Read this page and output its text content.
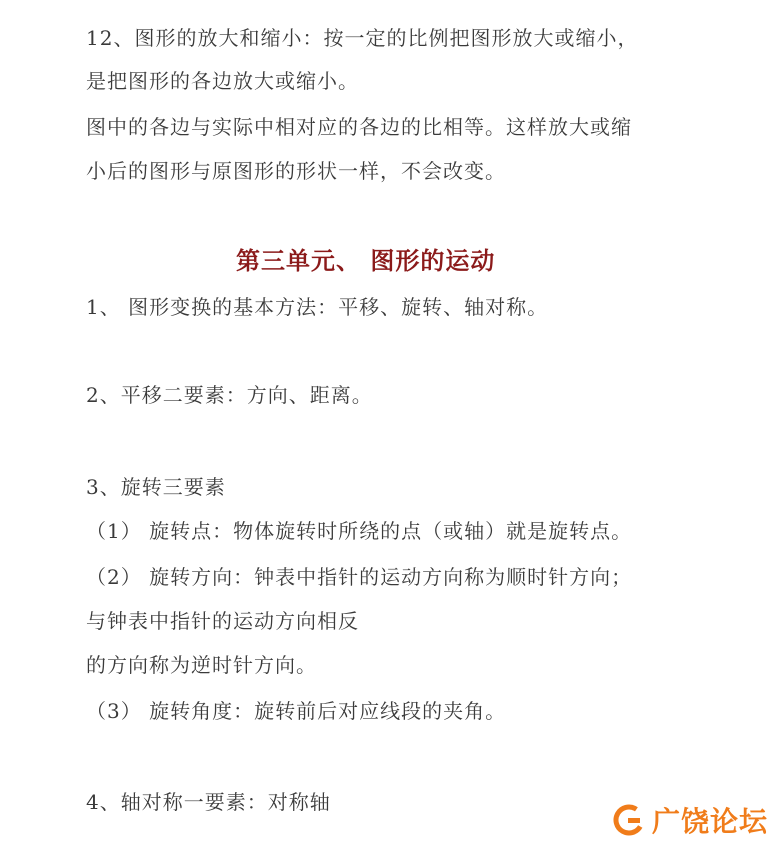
12、图形的放大和缩小：按一定的比例把图形放大或缩小，
是把图形的各边放大或缩小。
图中的各边与实际中相对应的各边的比相等。这样放大或缩
小后的图形与原图形的形状一样，不会改变。
第三单元、 图形的运动
1、 图形变换的基本方法：平移、旋转、轴对称。
2、平移二要素：方向、距离。
3、旋转三要素
（1） 旋转点：物体旋转时所绕的点（或轴）就是旋转点。
（2） 旋转方向：钟表中指针的运动方向称为顺时针方向；
与钟表中指针的运动方向相反
的方向称为逆时针方向。
（3） 旋转角度：旋转前后对应线段的夹角。
4、轴对称一要素：对称轴
广饶论坛
